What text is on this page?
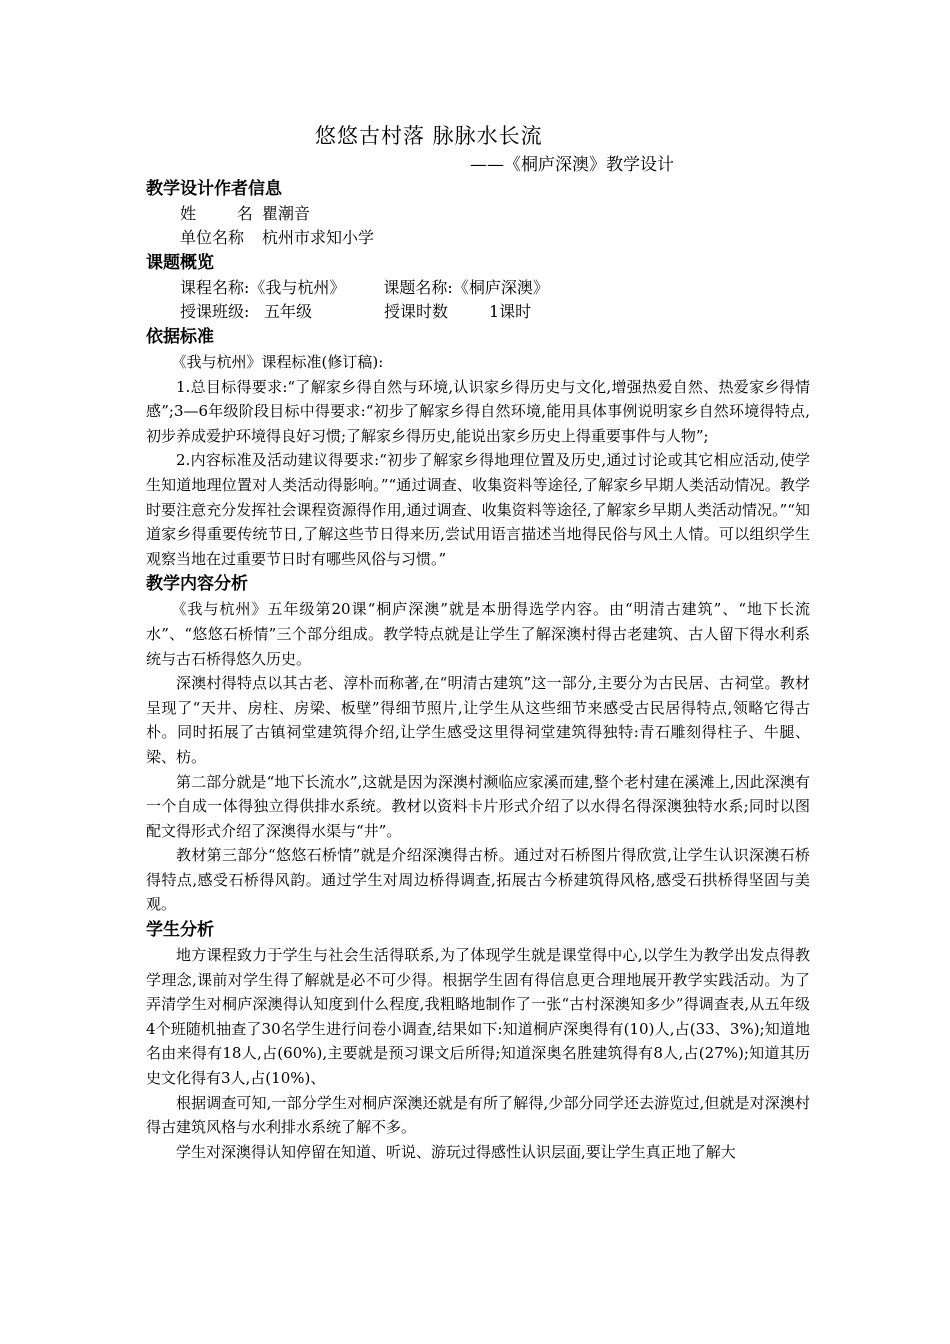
悠悠古村落 脉脉水长流
——《桐庐深澳》教学设计
教学设计作者信息
姓        名 瞿潮音
单位名称 杭州市求知小学
课题概览
课程名称:《我与杭州》 课题名称:《桐庐深澳》
授课班级: 五年级	授课时数	1课时
依据标准

《我与杭州》课程标准(修订稿):

1.总目标得要求:“了解家乡得自然与环境,认识家乡得历史与文化,增强热爱自然、热爱家乡得情感”;3—6年级阶段目标中得要求:“初步了解家乡得自然环境,能用具体事例说明家乡自然环境得特点,初步养成爱护环境得良好习惯;了解家乡得历史,能说出家乡历史上得重要事件与人物”;

2.内容标准及活动建议得要求:“初步了解家乡得地理位置及历史,通过讨论或其它相应活动,使学生知道地理位置对人类活动得影响。”“通过调查、收集资料等途径,了解家乡早期人类活动情况。教学时要注意充分发挥社会课程资源得作用,通过调查、收集资料等途径,了解家乡早期人类活动情况。”“知道家乡得重要传统节日,了解这些节日得来历,尝试用语言描述当地得民俗与风土人情。可以组织学生观察当地在过重要节日时有哪些风俗与习惯。”

教学内容分析

《我与杭州》五年级第20课“桐庐深澳”就是本册得选学内容。由“明清古建筑”、“地下长流水”、“悠悠石桥情”三个部分组成。教学特点就是让学生了解深澳村得古老建筑、古人留下得水利系统与古石桥得悠久历史。

深澳村得特点以其古老、淳朴而称著,在“明清古建筑”这一部分,主要分为古民居、古祠堂。教材呈现了“天井、房柱、房梁、板壁”得细节照片,让学生从这些细节来感受古民居得特点,领略它得古朴。同时拓展了古镇祠堂建筑得介绍,让学生感受这里得祠堂建筑得独特:青石雕刻得柱子、牛腿、梁、枋。

第二部分就是“地下长流水”,这就是因为深澳村濒临应家溪而建,整个老村建在溪滩上,因此深澳有一个自成一体得独立得供排水系统。教材以资料卡片形式介绍了以水得名得深澳独特水系;同时以图配文得形式介绍了深澳得水渠与“井”。

教材第三部分“悠悠石桥情”就是介绍深澳得古桥。通过对石桥图片得欣赏,让学生认识深澳石桥得特点,感受石桥得风韵。通过学生对周边桥得调查,拓展古今桥建筑得风格,感受石拱桥得坚固与美观。

学生分析

地方课程致力于学生与社会生活得联系,为了体现学生就是课堂得中心,以学生为教学出发点得教学理念,课前对学生得了解就是必不可少得。根据学生固有得信息更合理地展开教学实践活动。为了弄清学生对桐庐深澳得认知度到什么程度,我粗略地制作了一张“古村深澳知多少”得调查表,从五年级4个班随机抽查了30名学生进行问卷小调查,结果如下:知道桐庐深奥得有(10)人,占(33、3%);知道地名由来得有18人,占(60%),主要就是预习课文后所得;知道深奥名胜建筑得有8人,占(27%);知道其历史文化得有3人,占(10%)、

根据调查可知,一部分学生对桐庐深澳还就是有所了解得,少部分同学还去游览过,但就是对深澳村得古建筑风格与水利排水系统了解不多。

学生对深澳得认知停留在知道、听说、游玩过得感性认识层面,要让学生真正地了解大
